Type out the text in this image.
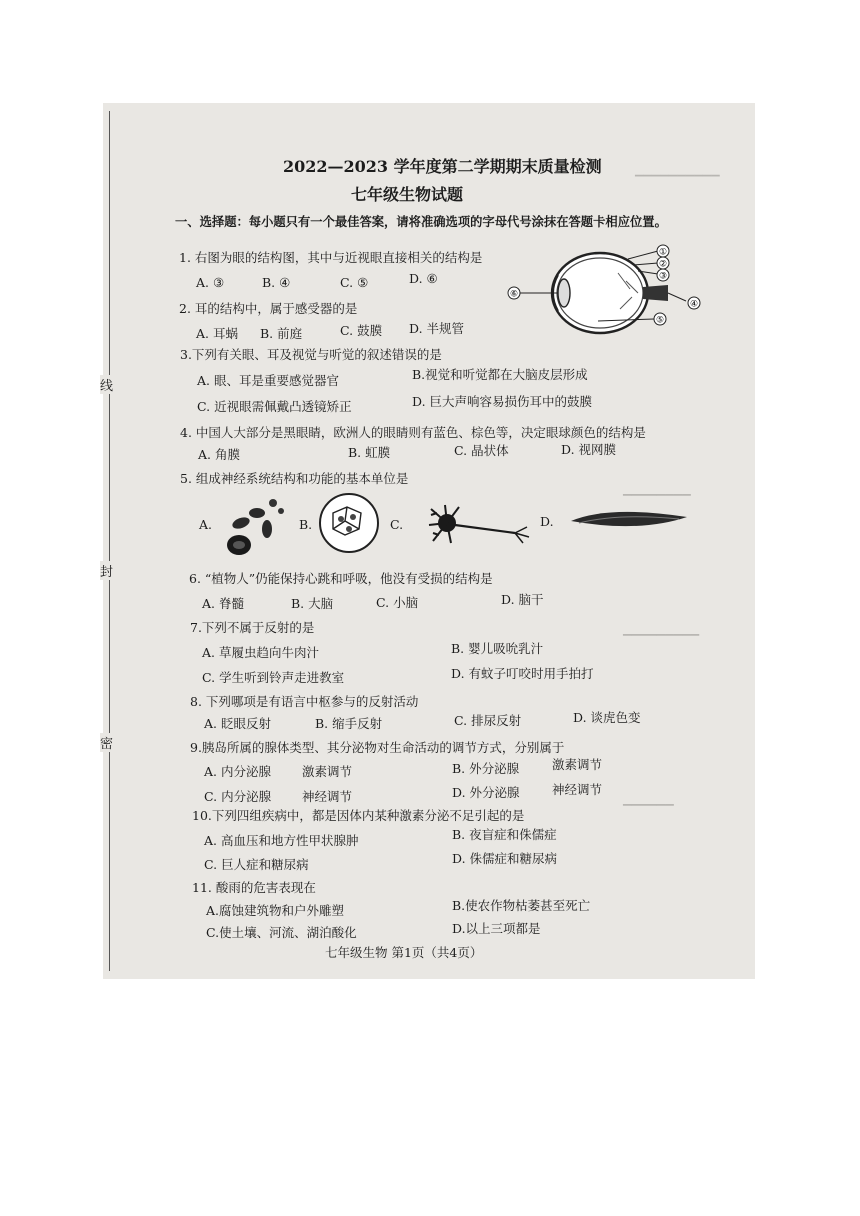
线
封
密
▔▔▔▔▔▔▔▔▔▔
▁▁▁▁▁▁▁▁
▁▁▁▁▁▁▁▁▁
▁▁▁▁▁▁
2022—2023 学年度第二学期期末质量检测
七年级生物试题
一、选择题：每小题只有一个最佳答案，请将准确选项的字母代号涂抹在答题卡相应位置。
1. 右图为眼的结构图，其中与近视眼直接相关的结构是
A. ③	B. ④	C. ⑤	D. ⑥
①
②
③
④
⑤
⑥
2. 耳的结构中，属于感受器的是
A. 耳蜗 B. 前庭	C. 鼓膜 D. 半规管
3.下列有关眼、耳及视觉与听觉的叙述错误的是
A. 眼、耳是重要感觉器官	B.视觉和听觉都在大脑皮层形成
C. 近视眼需佩戴凸透镜矫正	D. 巨大声响容易损伤耳中的鼓膜
4. 中国人大部分是黑眼睛，欧洲人的眼睛则有蓝色、棕色等，决定眼球颜色的结构是
A. 角膜	B. 虹膜	C. 晶状体	D. 视网膜
5. 组成神经系统结构和功能的基本单位是
A.	B.	C.	D.
6. “植物人”仍能保持心跳和呼吸，他没有受损的结构是
A. 脊髓	B. 大脑	C. 小脑	D. 脑干
7.下列不属于反射的是
A. 草履虫趋向牛肉汁	B. 婴儿吸吮乳汁
C. 学生听到铃声走进教室	D. 有蚊子叮咬时用手拍打
8. 下列哪项是有语言中枢参与的反射活动
A. 眨眼反射	B. 缩手反射	C. 排尿反射	D. 谈虎色变
9.胰岛所属的腺体类型、其分泌物对生命活动的调节方式，分别属于
A. 内分泌腺 激素调节	B. 外分泌腺	激素调节
C. 内分泌腺 神经调节	D. 外分泌腺	神经调节
10.下列四组疾病中，都是因体内某种激素分泌不足引起的是
A. 高血压和地方性甲状腺肿	B. 夜盲症和侏儒症
C. 巨人症和糖尿病	D. 侏儒症和糖尿病
11. 酸雨的危害表现在
A.腐蚀建筑物和户外雕塑	B.使农作物枯萎甚至死亡
C.使土壤、河流、湖泊酸化	D.以上三项都是
七年级生物 第1页（共4页）
